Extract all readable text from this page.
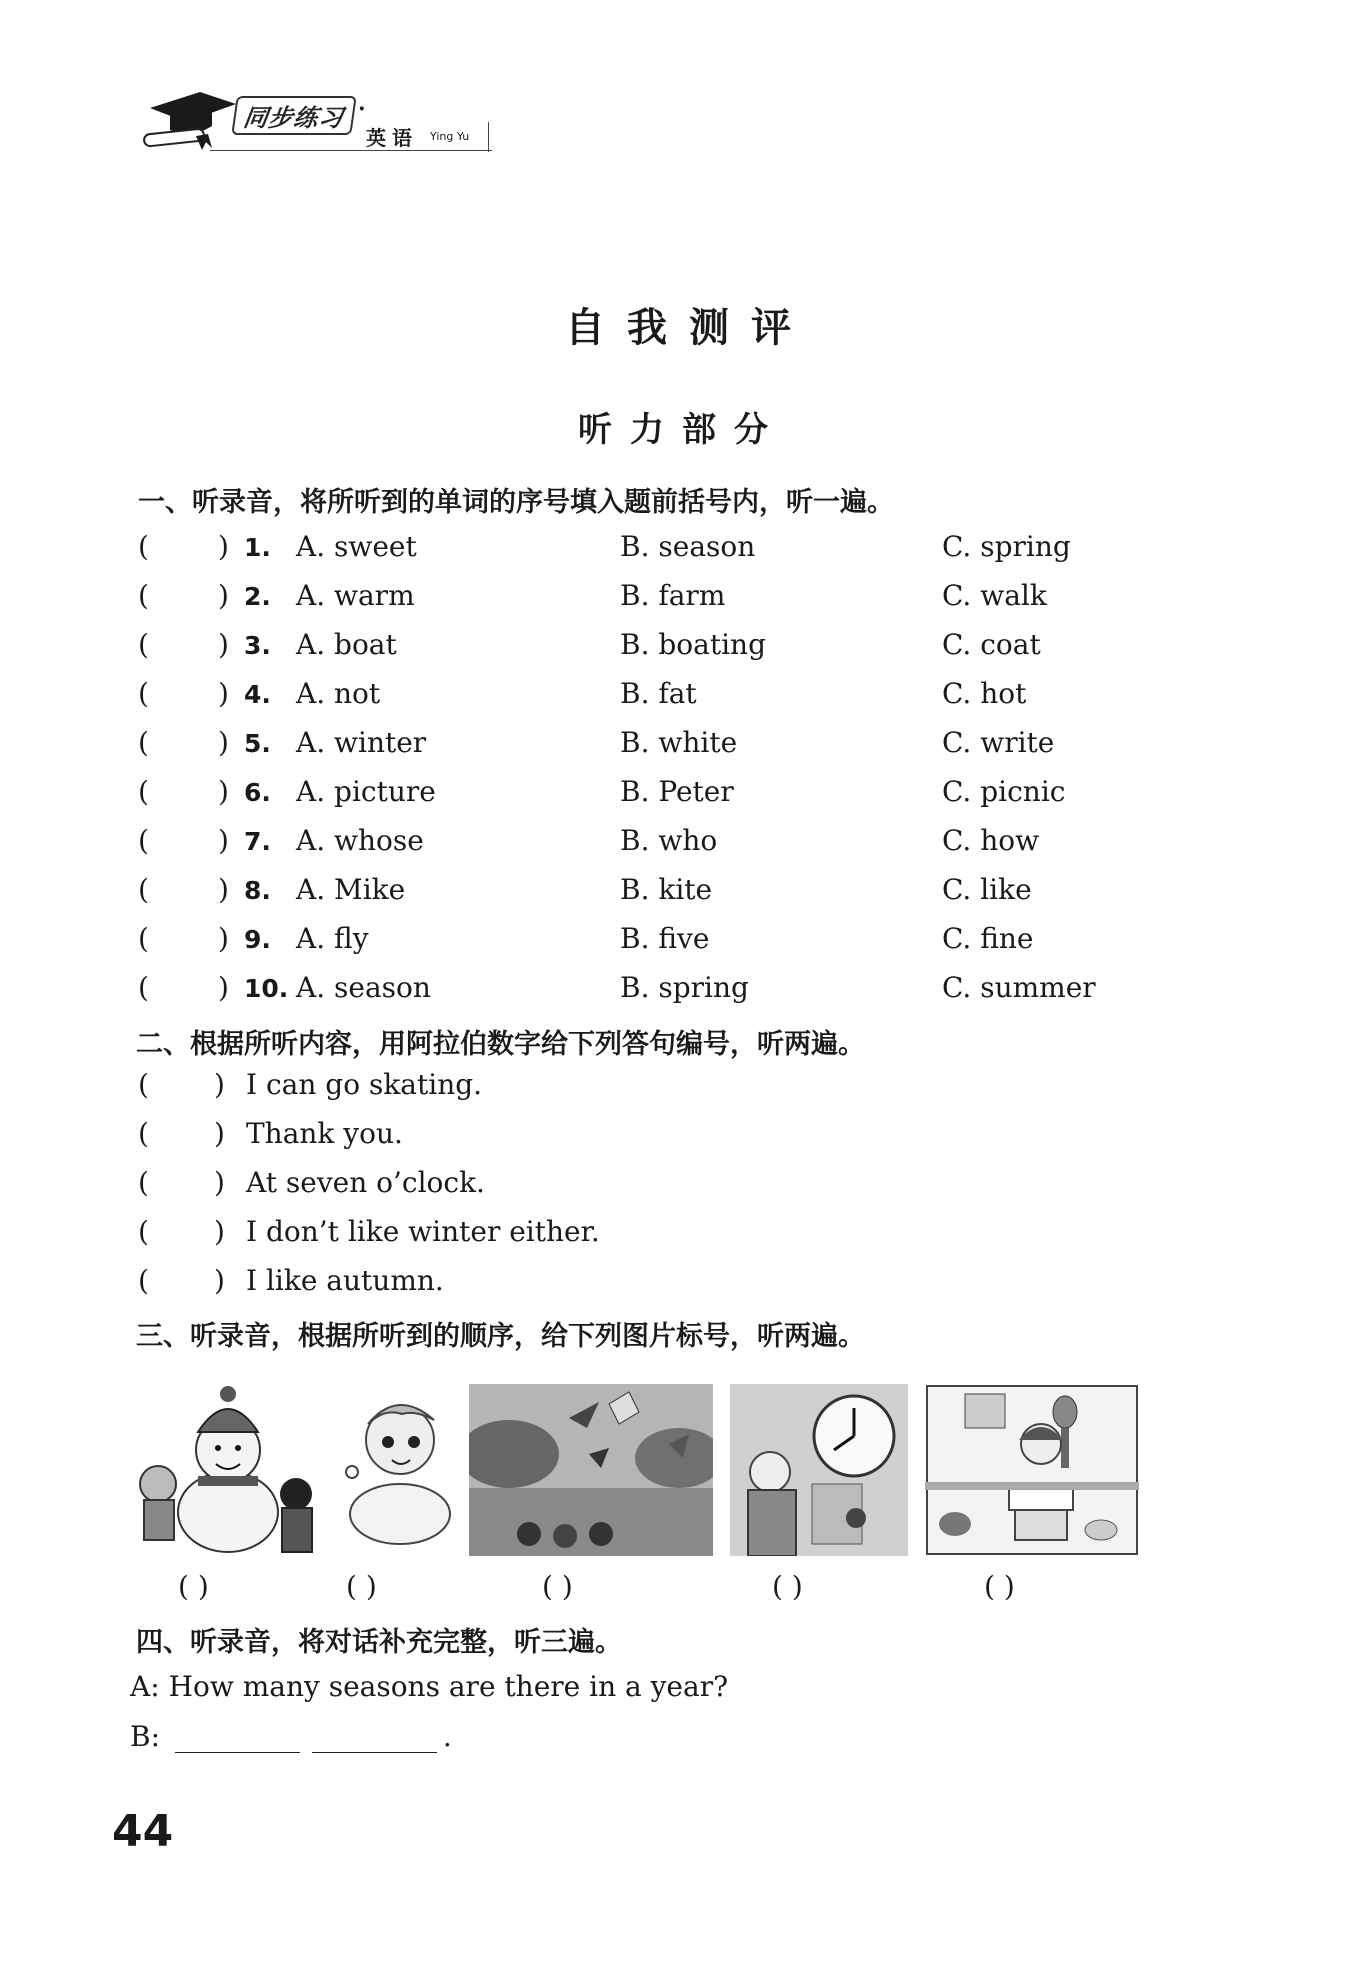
同步练习 ·
英语 Ying Yu
自我测评
听力部分
一、听录音，将所听到的单词的序号填入题前括号内，听一遍。
( ) 1. A. sweet	B. season	C. spring
( ) 2. A. warm	B. farm	C. walk
( ) 3. A. boat	B. boating	C. coat
( ) 4. A. not	B. fat	C. hot
( ) 5. A. winter	B. white	C. write
( ) 6. A. picture	B. Peter	C. picnic
( ) 7. A. whose	B. who	C. how
( ) 8. A. Mike	B. kite	C. like
( ) 9. A. fly	B. five	C. fine
( ) 10. A. season	B. spring	C. summer
二、根据所听内容，用阿拉伯数字给下列答句编号，听两遍。
( ) I can go skating.
( ) Thank you.
( ) At seven o’clock.
( ) I don’t like winter either.
( ) I like autumn.
三、听录音，根据所听到的顺序，给下列图片标号，听两遍。
( )	( )	( )	( )	( )
四、听录音，将对话补充完整，听三遍。
A: How many seasons are there in a year?
B:	.
44
